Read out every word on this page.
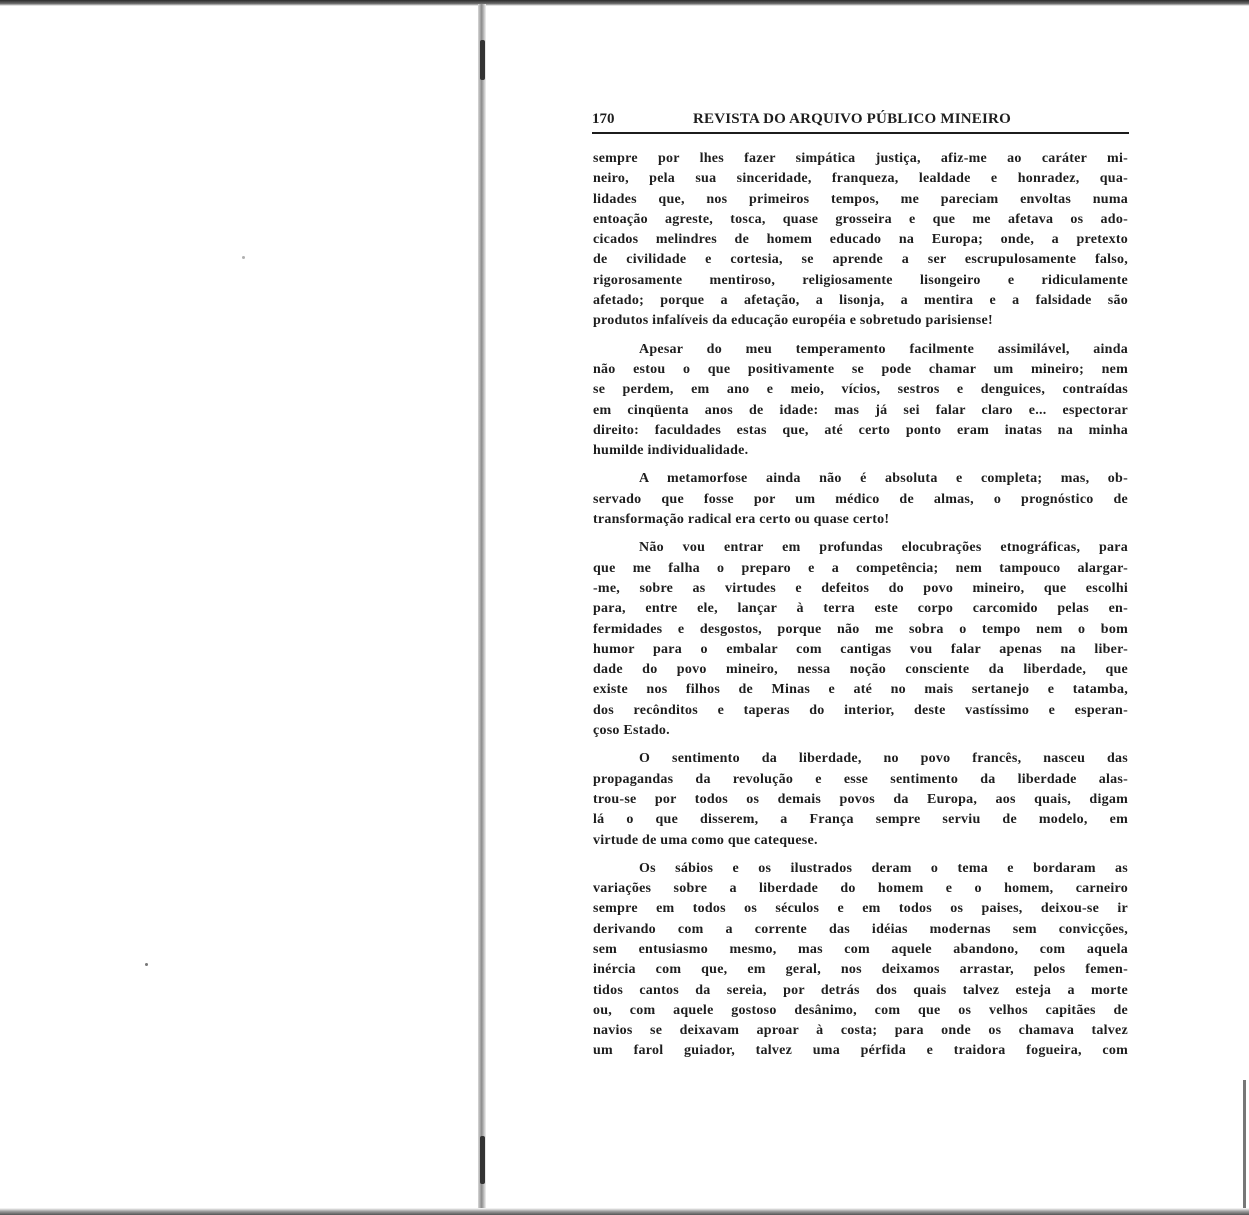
170	REVISTA DO ARQUIVO PÚBLICO MINEIRO
sempre por lhes fazer simpática justiça, afiz-me ao caráter mi-
neiro, pela sua sinceridade, franqueza, lealdade e honradez, qua-
lidades que, nos primeiros tempos, me pareciam envoltas numa
entoação agreste, tosca, quase grosseira e que me afetava os ado-
cicados melindres de homem educado na Europa; onde, a pretexto
de civilidade e cortesia, se aprende a ser escrupulosamente falso,
rigorosamente mentiroso, religiosamente lisongeiro e ridiculamente
afetado; porque a afetação, a lisonja, a mentira e a falsidade são
produtos infalíveis da educação européia e sobretudo parisiense!
Apesar do meu temperamento facilmente assimilável, ainda
não estou o que positivamente se pode chamar um mineiro; nem
se perdem, em ano e meio, vícios, sestros e denguices, contraídas
em cinqüenta anos de idade: mas já sei falar claro e... espectorar
direito: faculdades estas que, até certo ponto eram inatas na minha
humilde individualidade.
A metamorfose ainda não é absoluta e completa; mas, ob-
servado que fosse por um médico de almas, o prognóstico de
transformação radical era certo ou quase certo!
Não vou entrar em profundas elocubrações etnográficas, para
que me falha o preparo e a competência; nem tampouco alargar-
-me, sobre as virtudes e defeitos do povo mineiro, que escolhi
para, entre ele, lançar à terra este corpo carcomido pelas en-
fermidades e desgostos, porque não me sobra o tempo nem o bom
humor para o embalar com cantigas vou falar apenas na liber-
dade do povo mineiro, nessa noção consciente da liberdade, que
existe nos filhos de Minas e até no mais sertanejo e tatamba,
dos recônditos e taperas do interior, deste vastíssimo e esperan-
çoso Estado.
O sentimento da liberdade, no povo francês, nasceu das
propagandas da revolução e esse sentimento da liberdade alas-
trou-se por todos os demais povos da Europa, aos quais, digam
lá o que disserem, a França sempre serviu de modelo, em
virtude de uma como que catequese.
Os sábios e os ilustrados deram o tema e bordaram as
variações sobre a liberdade do homem e o homem, carneiro
sempre em todos os séculos e em todos os paises, deixou-se ir
derivando com a corrente das idéias modernas sem convicções,
sem entusiasmo mesmo, mas com aquele abandono, com aquela
inércia com que, em geral, nos deixamos arrastar, pelos femen-
tidos cantos da sereia, por detrás dos quais talvez esteja a morte
ou, com aquele gostoso desânimo, com que os velhos capitães de
navios se deixavam aproar à costa; para onde os chamava talvez
um farol guiador, talvez uma pérfida e traidora fogueira, com
